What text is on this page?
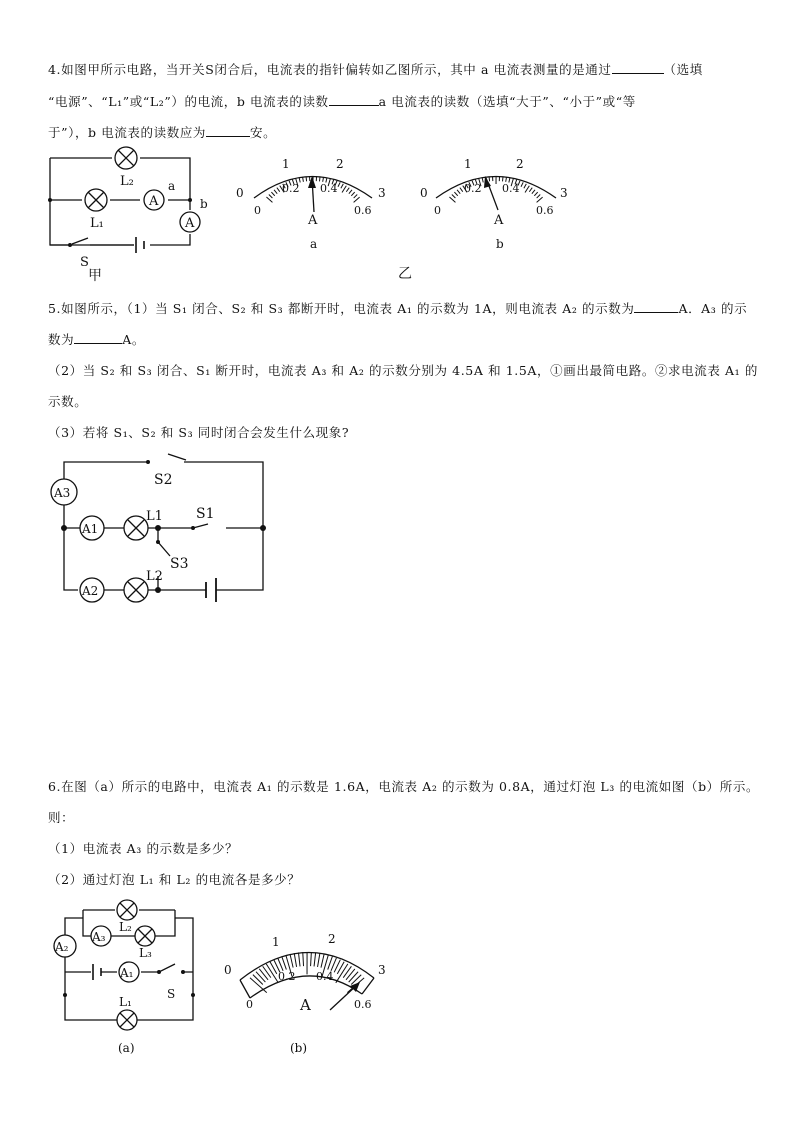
4.如图甲所示电路，当开关S闭合后，电流表的指针偏转如乙图所示，其中 a 电流表测量的是通过	（选填
“电源”、“L₁”或“L₂”）的电流，b 电流表的读数	a 电流表的读数（选填“大于”、“小于”或“等
于”），b 电流表的读数应为	安。
L₂
L₁
A
a
A
b
S
甲
0
1	2
3
0
0.2 0.4
0.6
A
a
0
1	2
3
0
0.2 0.4
0.6
A
b
乙
5.如图所示，（1）当 S₁ 闭合、S₂ 和 S₃ 都断开时，电流表 A₁ 的示数为 1A，则电流表 A₂ 的示数为	A．A₃ 的示
数为	A。
（2）当 S₂ 和 S₃ 闭合、S₁ 断开时，电流表 A₃ 和 A₂ 的示数分别为 4.5A 和 1.5A，①画出最简电路。②求电流表 A₁ 的
示数。
（3）若将 S₁、S₂ 和 S₃ 同时闭合会发生什么现象?
A3
A1
A2
L1
L2
S2
S1
S3
6.在图（a）所示的电路中，电流表 A₁ 的示数是 1.6A，电流表 A₂ 的示数为 0.8A，通过灯泡 L₃ 的电流如图（b）所示。
则：
（1）电流表 A₃ 的示数是多少？
（2）通过灯泡 L₁ 和 L₂ 的电流各是多少？
L₂
A₃
L₃
A₂
A₁
S
L₁
(a)
0
1	2
3
0
0.2 0.4
0.6
A
(b)
